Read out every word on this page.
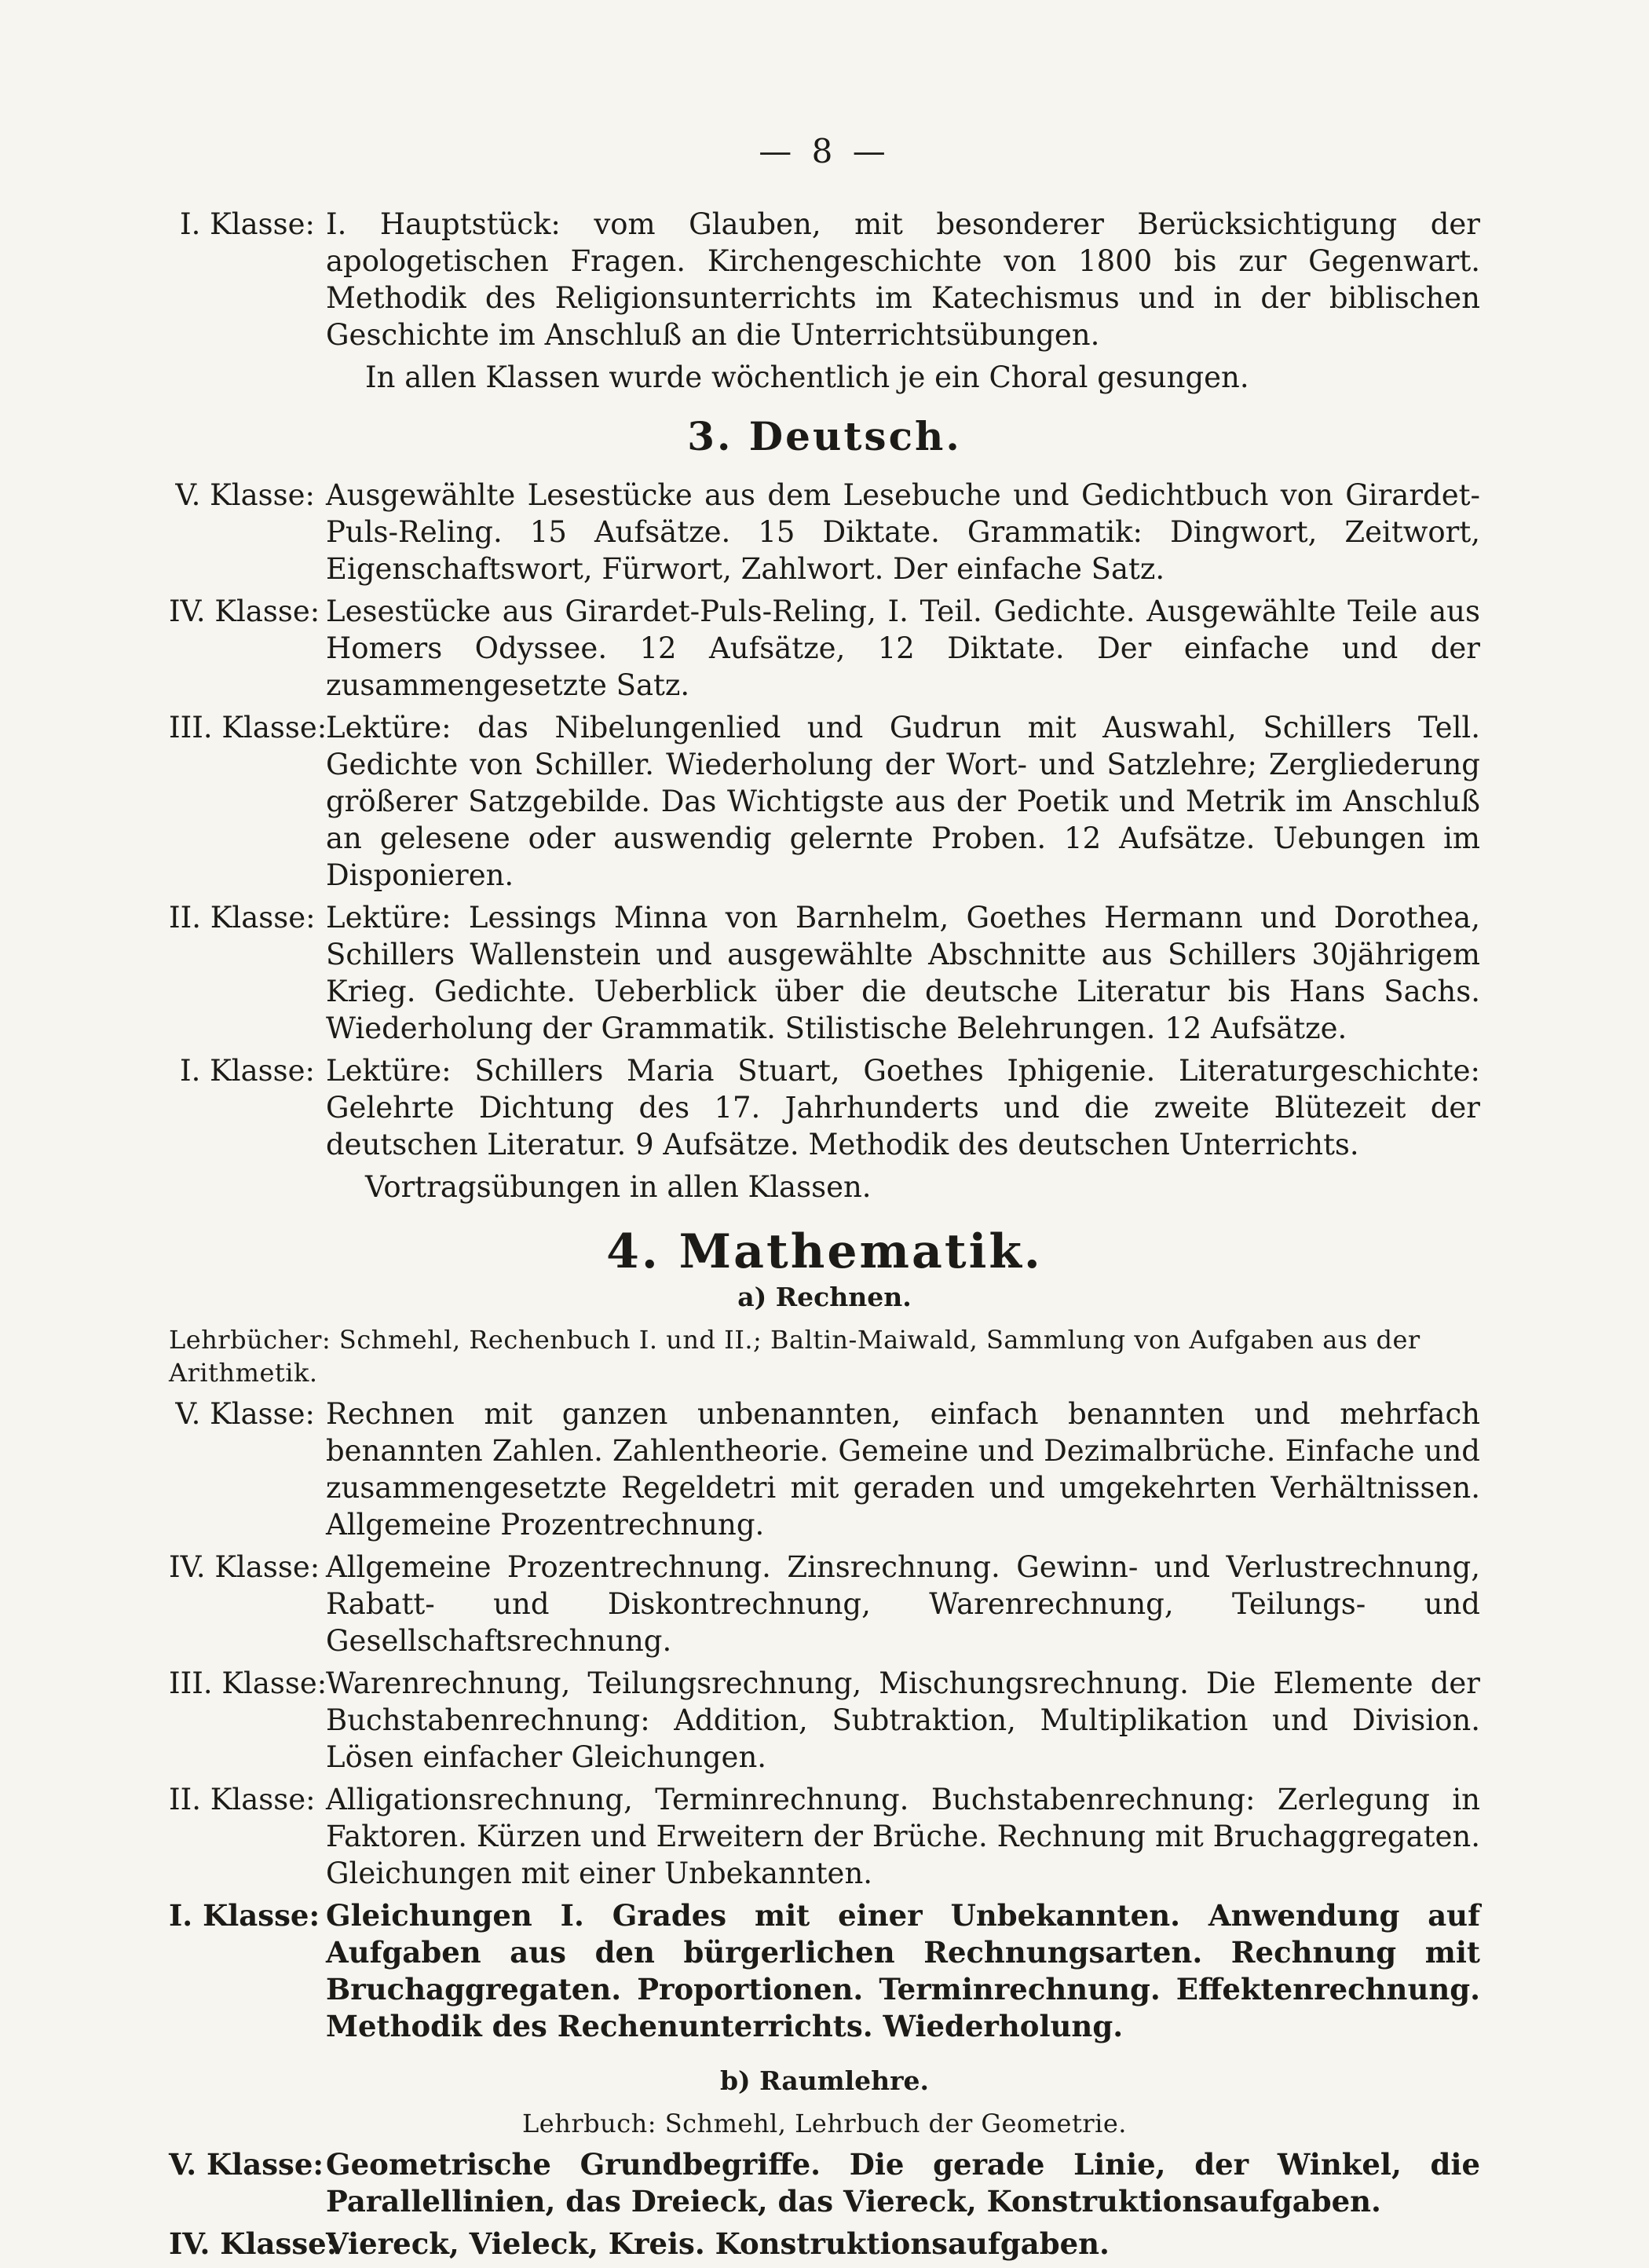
— 8 —
I. Klasse: I. Hauptstück: vom Glauben, mit besonderer Berücksichtigung der apologetischen Fragen. Kirchengeschichte von 1800 bis zur Gegenwart. Methodik des Religionsunterrichts im Katechismus und in der biblischen Geschichte im Anschluß an die Unterrichtsübungen.
In allen Klassen wurde wöchentlich je ein Choral gesungen.
3. Deutsch.
V. Klasse: Ausgewählte Lesestücke aus dem Lesebuche und Gedichtbuch von Girardet-Puls-Reling. 15 Aufsätze. 15 Diktate. Grammatik: Dingwort, Zeitwort, Eigenschaftswort, Fürwort, Zahlwort. Der einfache Satz.
IV. Klasse: Lesestücke aus Girardet-Puls-Reling, I. Teil. Gedichte. Ausgewählte Teile aus Homers Odyssee. 12 Aufsätze, 12 Diktate. Der einfache und der zusammengesetzte Satz.
III. Klasse:
Lektüre: das Nibelungenlied und Gudrun mit Auswahl, Schillers Tell. Gedichte von Schiller. Wiederholung der Wort- und Satzlehre; Zergliederung größerer Satzgebilde. Das Wichtigste aus der Poetik und Metrik im Anschluß an gelesene oder auswendig gelernte Proben. 12 Aufsätze. Uebungen im Disponieren.
II. Klasse: Lektüre: Lessings Minna von Barnhelm, Goethes Hermann und Dorothea, Schillers Wallenstein und ausgewählte Abschnitte aus Schillers 30jährigem Krieg. Gedichte. Ueberblick über die deutsche Literatur bis Hans Sachs. Wiederholung der Grammatik. Stilistische Belehrungen. 12 Aufsätze.
I. Klasse: Lektüre: Schillers Maria Stuart, Goethes Iphigenie. Literaturgeschichte: Gelehrte Dichtung des 17. Jahrhunderts und die zweite Blütezeit der deutschen Literatur. 9 Aufsätze. Methodik des deutschen Unterrichts.
Vortragsübungen in allen Klassen.
4. Mathematik.
a) Rechnen.
Lehrbücher: Schmehl, Rechenbuch I. und II.; Baltin-Maiwald, Sammlung von Aufgaben aus der Arithmetik.
V. Klasse: Rechnen mit ganzen unbenannten, einfach benannten und mehrfach benannten Zahlen. Zahlentheorie. Gemeine und Dezimalbrüche. Einfache und zusammengesetzte Regeldetri mit geraden und umgekehrten Verhältnissen. Allgemeine Prozentrechnung.
IV. Klasse: Allgemeine Prozentrechnung. Zinsrechnung. Gewinn- und Verlustrechnung, Rabatt- und Diskontrechnung, Warenrechnung, Teilungs- und Gesellschaftsrechnung.
III. Klasse:
Warenrechnung, Teilungsrechnung, Mischungsrechnung. Die Elemente der Buchstabenrechnung: Addition, Subtraktion, Multiplikation und Division. Lösen einfacher Gleichungen.
II. Klasse: Alligationsrechnung, Terminrechnung. Buchstabenrechnung: Zerlegung in Faktoren. Kürzen und Erweitern der Brüche. Rechnung mit Bruchaggregaten. Gleichungen mit einer Unbekannten.
I. Klasse: Gleichungen I. Grades mit einer Unbekannten. Anwendung auf Aufgaben aus den bürgerlichen Rechnungsarten. Rechnung mit Bruchaggregaten. Proportionen. Terminrechnung. Effektenrechnung. Methodik des Rechenunterrichts. Wiederholung.
b) Raumlehre.
Lehrbuch: Schmehl, Lehrbuch der Geometrie.
V. Klasse: Geometrische Grundbegriffe. Die gerade Linie, der Winkel, die Parallellinien, das Dreieck, das Viereck, Konstruktionsaufgaben.
IV. Klasse:
Viereck, Vieleck, Kreis. Konstruktionsaufgaben.
